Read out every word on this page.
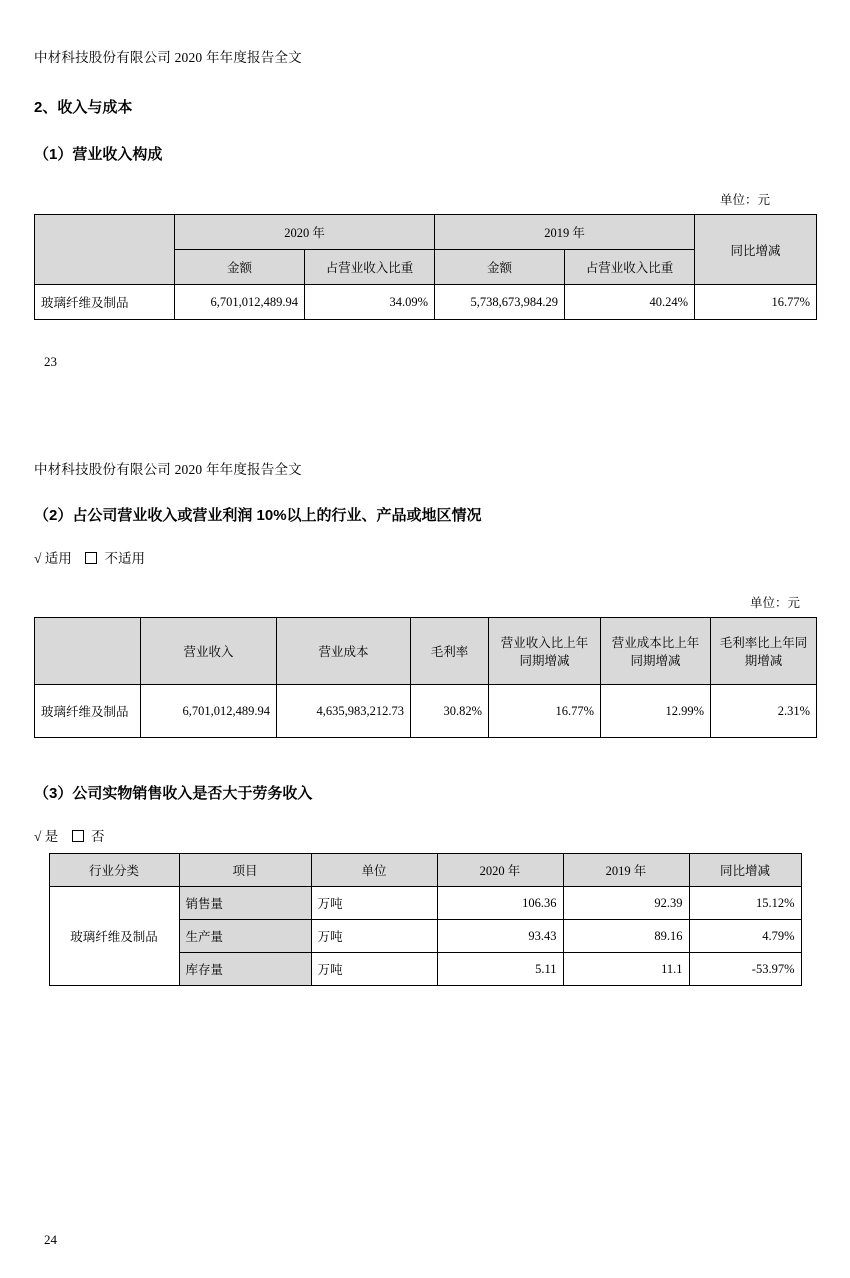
中材科技股份有限公司 2020 年年度报告全文
2、收入与成本
（1）营业收入构成
单位：元
	2020 年		2019 年		同比增减
	金额	占营业收入比重	金额	占营业收入比重	
玻璃纤维及制品	6,701,012,489.94	34.09%	5,738,673,984.29	40.24%	16.77%
23
中材科技股份有限公司 2020 年年度报告全文
（2）占公司营业收入或营业利润 10%以上的行业、产品或地区情况
√ 适用 不适用
单位：元
	营业收入	营业成本	毛利率	营业收入比上年同期增减	营业成本比上年同期增减	毛利率比上年同期增减
玻璃纤维及制品	6,701,012,489.94	4,635,983,212.73	30.82%	16.77%	12.99%	2.31%
（3）公司实物销售收入是否大于劳务收入
√ 是 否
行业分类	项目	单位	2020 年	2019 年	同比增减
玻璃纤维及制品	销售量	万吨	106.36	92.39	15.12%
	生产量	万吨	93.43	89.16	4.79%
	库存量	万吨	5.11	11.1	-53.97%
24
